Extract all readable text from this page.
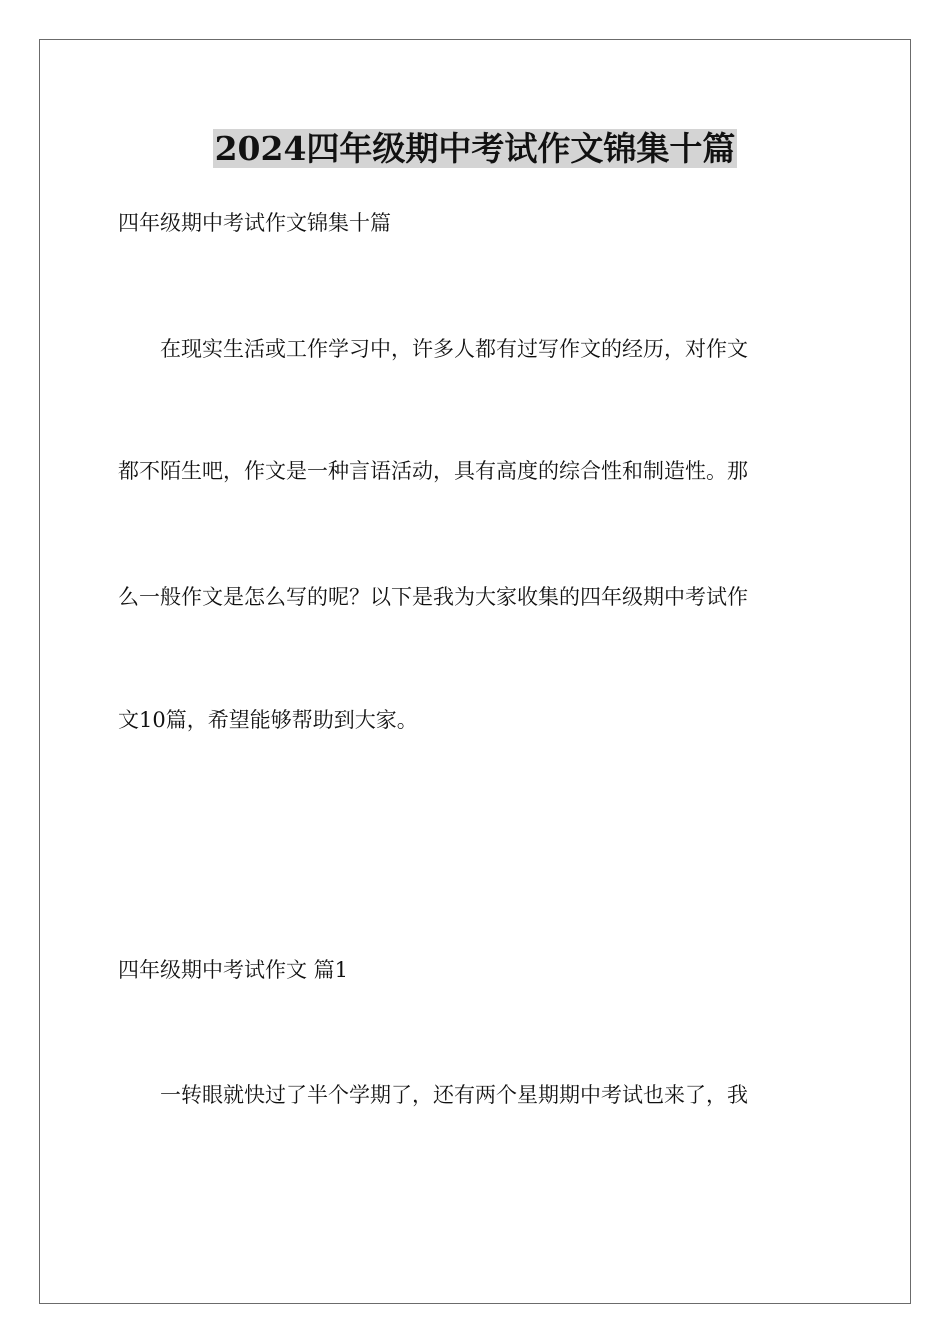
2024四年级期中考试作文锦集十篇

四年级期中考试作文锦集十篇

在现实生活或工作学习中，许多人都有过写作文的经历，对作文

都不陌生吧，作文是一种言语活动，具有高度的综合性和制造性。那

么一般作文是怎么写的呢？以下是我为大家收集的四年级期中考试作

文10篇，希望能够帮助到大家。

四年级期中考试作文 篇1

一转眼就快过了半个学期了，还有两个星期期中考试也来了，我
